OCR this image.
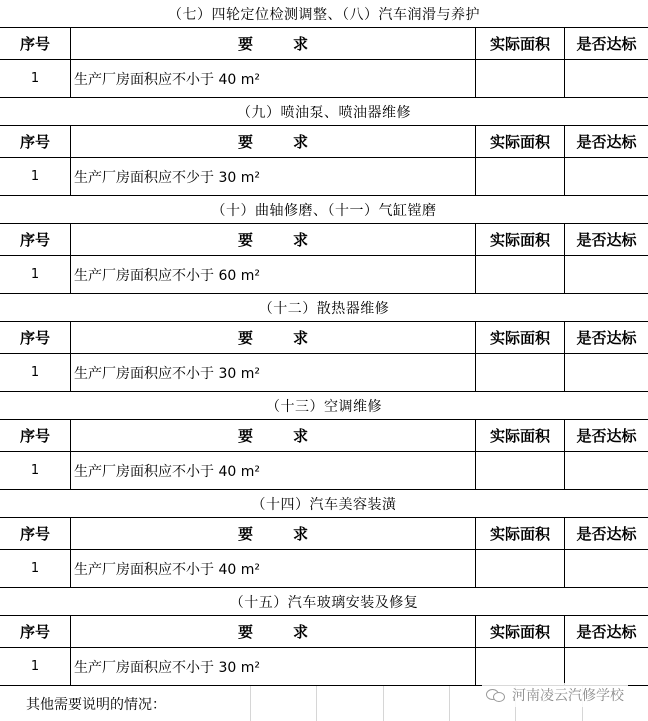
（七）四轮定位检测调整、（八）汽车润滑与养护
序号	要求	实际面积	是否达标
1	生产厂房面积应不小于 40 m²
（九）喷油泵、喷油器维修
序号	要求	实际面积	是否达标
1	生产厂房面积应不少于 30 m²
（十）曲轴修磨、（十一）气缸镗磨
序号	要求	实际面积	是否达标
1	生产厂房面积应不小于 60 m²
（十二）散热器维修
序号	要求	实际面积	是否达标
1	生产厂房面积应不小于 30 m²
（十三）空调维修
序号	要求	实际面积	是否达标
1	生产厂房面积应不小于 40 m²
（十四）汽车美容装潢
序号	要求	实际面积	是否达标
1	生产厂房面积应不小于 40 m²
（十五）汽车玻璃安装及修复
序号	要求	实际面积	是否达标
1	生产厂房面积应不小于 30 m²
其他需要说明的情况：
河南凌云汽修学校
